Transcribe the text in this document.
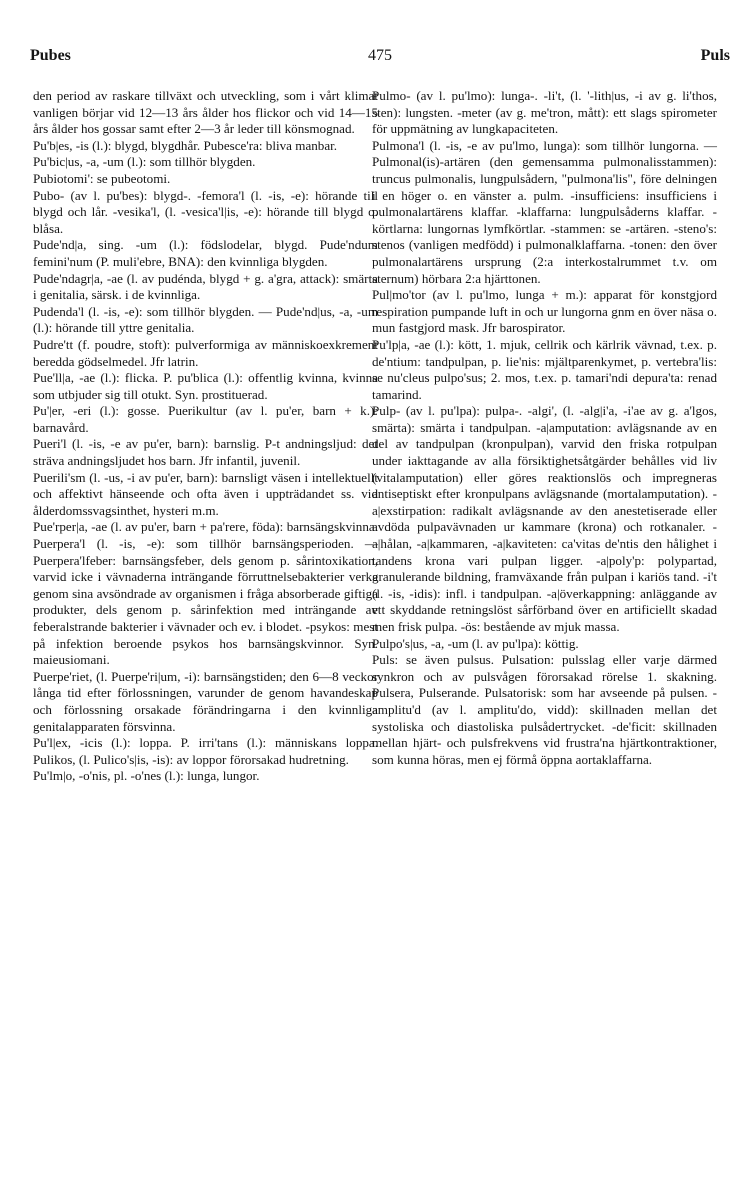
475
Pubes	Puls

den period av raskare tillväxt och utveckling, som i vårt klimat vanligen börjar vid 12—13 års ålder hos flickor och vid 14—15 års ålder hos gossar samt efter 2—3 år leder till könsmognad.

Pu'b|es, -is (l.): blygd, blygdhår. Pubesce'ra: bliva manbar.

Pu'bic|us, -a, -um (l.): som tillhör blygden.

Pubiotomi': se pubeotomi.

Pubo- (av l. pu'bes): blygd-. -femora'l (l. -is, -e): hörande till blygd och lår. -vesika'l, (l. -vesica'l|is, -e): hörande till blygd o. blåsa.

Pude'nd|a, sing. -um (l.): födslodelar, blygd. Pude'ndum femini'num (P. muli'ebre, BNA): den kvinnliga blygden.

Pude'ndagr|a, -ae (l. av pudénda, blygd + g. a'gra, attack): smärta i genitalia, särsk. i de kvinnliga.

Pudenda'l (l. -is, -e): som tillhör blygden. — Pude'nd|us, -a, -um (l.): hörande till yttre genitalia.

Pudre'tt (f. poudre, stoft): pulverformiga av människoexkrement beredda gödselmedel. Jfr latrin.

Pue'll|a, -ae (l.): flicka. P. pu'blica (l.): offentlig kvinna, kvinna som utbjuder sig till otukt. Syn. prostituerad.

Pu'|er, -eri (l.): gosse. Puerikultur (av l. pu'er, barn + k.): barnavård.

Pueri'l (l. -is, -e av pu'er, barn): barnslig. P-t andningsljud: det sträva andningsljudet hos barn. Jfr infantil, juvenil.

Puerili'sm (l. -us, -i av pu'er, barn): barnsligt väsen i intellektuellt och affektivt hänseende och ofta även i uppträdandet ss. vid ålderdomssvagsinthet, hysteri m.m.

Pue'rper|a, -ae (l. av pu'er, barn + pa'rere, föda): barnsängskvinna. Puerpera'l (l. -is, -e): som tillhör barnsängsperioden. — Puerpera'lfeber: barnsängsfeber, dels genom p. sårintoxikation, varvid icke i vävnaderna inträngande förruttnelsebakterier verka genom sina avsöndrade av organismen i fråga absorberade giftiga produkter, dels genom p. sårinfektion med inträngande av feberalstrande bakterier i vävnader och ev. i blodet. -psykos: mest på infektion beroende psykos hos barnsängskvinnor. Syn. maieusiomani.

Puerpe'riet, (l. Puerpe'ri|um, -i): barnsängstiden; den 6—8 veckor långa tid efter förlossningen, varunder de genom havandeskap och förlossning orsakade förändringarna i den kvinnliga genitalapparaten försvinna.

Pu'l|ex, -icis (l.): loppa. P. irri'tans (l.): människans loppa. Pulikos, (l. Pulico's|is, -is): av loppor förorsakad hudretning.

Pu'lm|o, -o'nis, pl. -o'nes (l.): lunga, lungor.

Pulmo- (av l. pu'lmo): lunga-. -li't, (l. '-lith|us, -i av g. li'thos, sten): lungsten. -meter (av g. me'tron, mått): ett slags spirometer för uppmätning av lungkapaciteten.

Pulmona'l (l. -is, -e av pu'lmo, lunga): som tillhör lungorna. — Pulmonal(is)-artären (den gemensamma pulmonalisstammen): truncus pulmonalis, lungpulsådern, "pulmona'lis", före delningen i en höger o. en vänster a. pulm. -insufficiens: insufficiens i pulmonalartärens klaffar. -klaffarna: lungpulsåderns klaffar. -körtlarna: lungornas lymfkörtlar. -stammen: se -artären. -steno's: stenos (vanligen medfödd) i pulmonalklaffarna. -tonen: den över pulmonalartärens ursprung (2:a interkostalrummet t.v. om sternum) hörbara 2:a hjärttonen.

Pul|mo'tor (av l. pu'lmo, lunga + m.): apparat för konstgjord respiration pumpande luft in och ur lungorna gnm en över näsa o. mun fastgjord mask. Jfr barospirator.

Pu'lp|a, -ae (l.): kött, 1. mjuk, cellrik och kärlrik vävnad, t.ex. p. de'ntium: tandpulpan, p. lie'nis: mjältparenkymet, p. vertebra'lis: se nu'cleus pulpo'sus; 2. mos, t.ex. p. tamari'ndi depura'ta: renad tamarind.

Pulp- (av l. pu'lpa): pulpa-. -algi', (l. -alg|i'a, -i'ae av g. a'lgos, smärta): smärta i tandpulpan. -a|amputation: avlägsnande av en del av tandpulpan (kronpulpan), varvid den friska rotpulpan under iakttagande av alla försiktighetsåtgärder behålles vid liv (vitalamputation) eller göres reaktionslös och impregneras antiseptiskt efter kronpulpans avlägsnande (mortalamputation). -a|exstirpation: radikalt avlägsnande av den anestetiserade eller avdöda pulpavävnaden ur kammare (krona) och rotkanaler. -a|hålan, -a|kammaren, -a|kaviteten: ca'vitas de'ntis den hålighet i tandens krona vari pulpan ligger. -a|poly'p: polypartad, granulerande bildning, framväxande från pulpan i kariös tand. -i't (l. -is, -idis): infl. i tandpulpan. -a|överkappning: anläggande av ett skyddande retningslöst sårförband över en artificiellt skadad men frisk pulpa. -ös: bestående av mjuk massa.

Pulpo's|us, -a, -um (l. av pu'lpa): köttig.

Puls: se även pulsus. Pulsation: pulsslag eller varje därmed synkron och av pulsvågen förorsakad rörelse 1. skakning. Pulsera, Pulserande. Pulsatorisk: som har avseende på pulsen. -amplitu'd (av l. amplitu'do, vidd): skillnaden mellan det systoliska och diastoliska pulsådertrycket. -de'ficit: skillnaden mellan hjärt- och pulsfrekvens vid frustra'na hjärtkontraktioner, som kunna höras, men ej förmå öppna aortaklaffarna.
